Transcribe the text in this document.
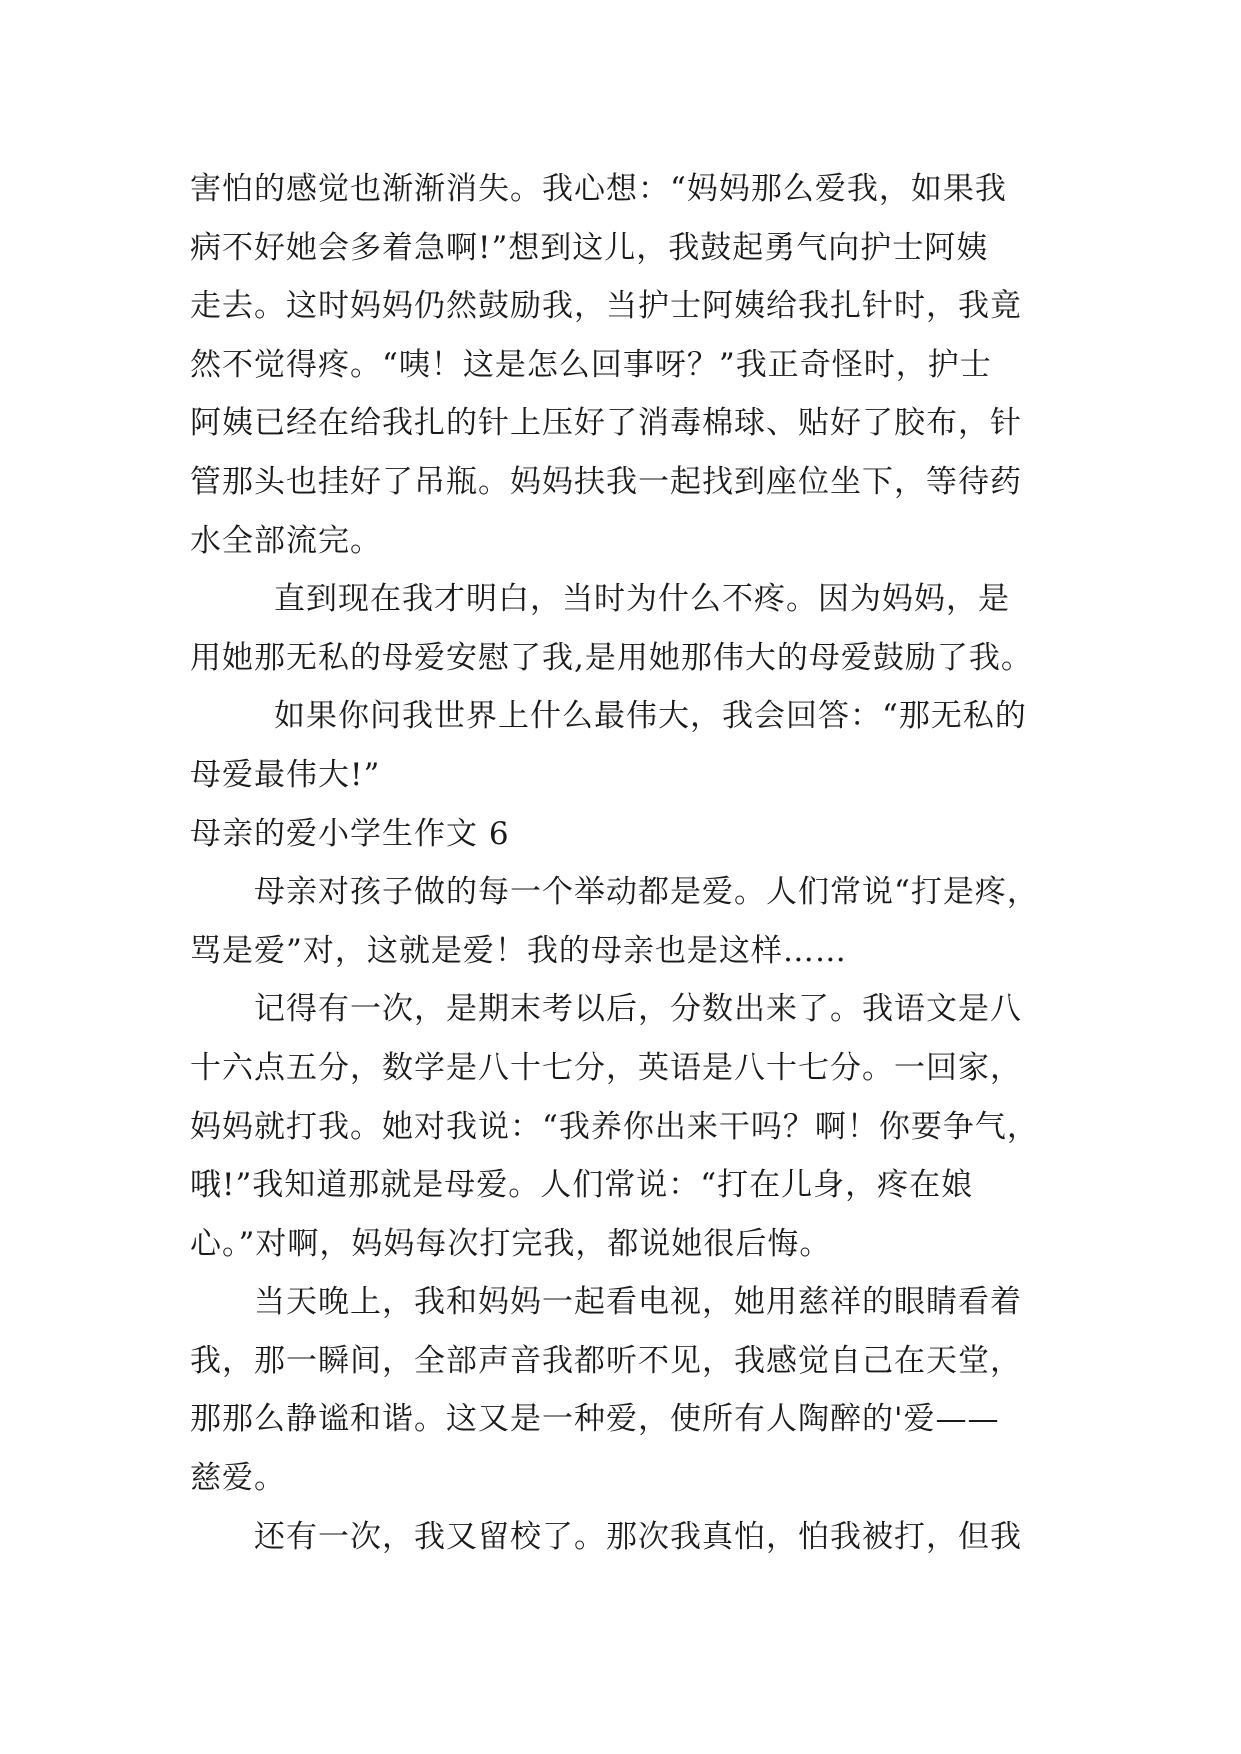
害怕的感觉也渐渐消失。我心想：“妈妈那么爱我，如果我
病不好她会多着急啊!”想到这儿，我鼓起勇气向护士阿姨
走去。这时妈妈仍然鼓励我，当护士阿姨给我扎针时，我竟
然不觉得疼。“咦！这是怎么回事呀？”我正奇怪时，护士
阿姨已经在给我扎的针上压好了消毒棉球、贴好了胶布，针
管那头也挂好了吊瓶。妈妈扶我一起找到座位坐下，等待药
水全部流完。
直到现在我才明白，当时为什么不疼。因为妈妈，是
用她那无私的母爱安慰了我,是用她那伟大的母爱鼓励了我。
如果你问我世界上什么最伟大，我会回答：“那无私的
母爱最伟大!”
母亲的爱小学生作文 6
母亲对孩子做的每一个举动都是爱。人们常说“打是疼，
骂是爱”对，这就是爱！我的母亲也是这样……
记得有一次，是期末考以后，分数出来了。我语文是八
十六点五分，数学是八十七分，英语是八十七分。一回家，
妈妈就打我。她对我说：“我养你出来干吗？啊！你要争气，
哦!”我知道那就是母爱。人们常说：“打在儿身，疼在娘
心。”对啊，妈妈每次打完我，都说她很后悔。
当天晚上，我和妈妈一起看电视，她用慈祥的眼睛看着
我，那一瞬间，全部声音我都听不见，我感觉自己在天堂，
那那么静谧和谐。这又是一种爱，使所有人陶醉的'爱——
慈爱。
还有一次，我又留校了。那次我真怕，怕我被打，但我
